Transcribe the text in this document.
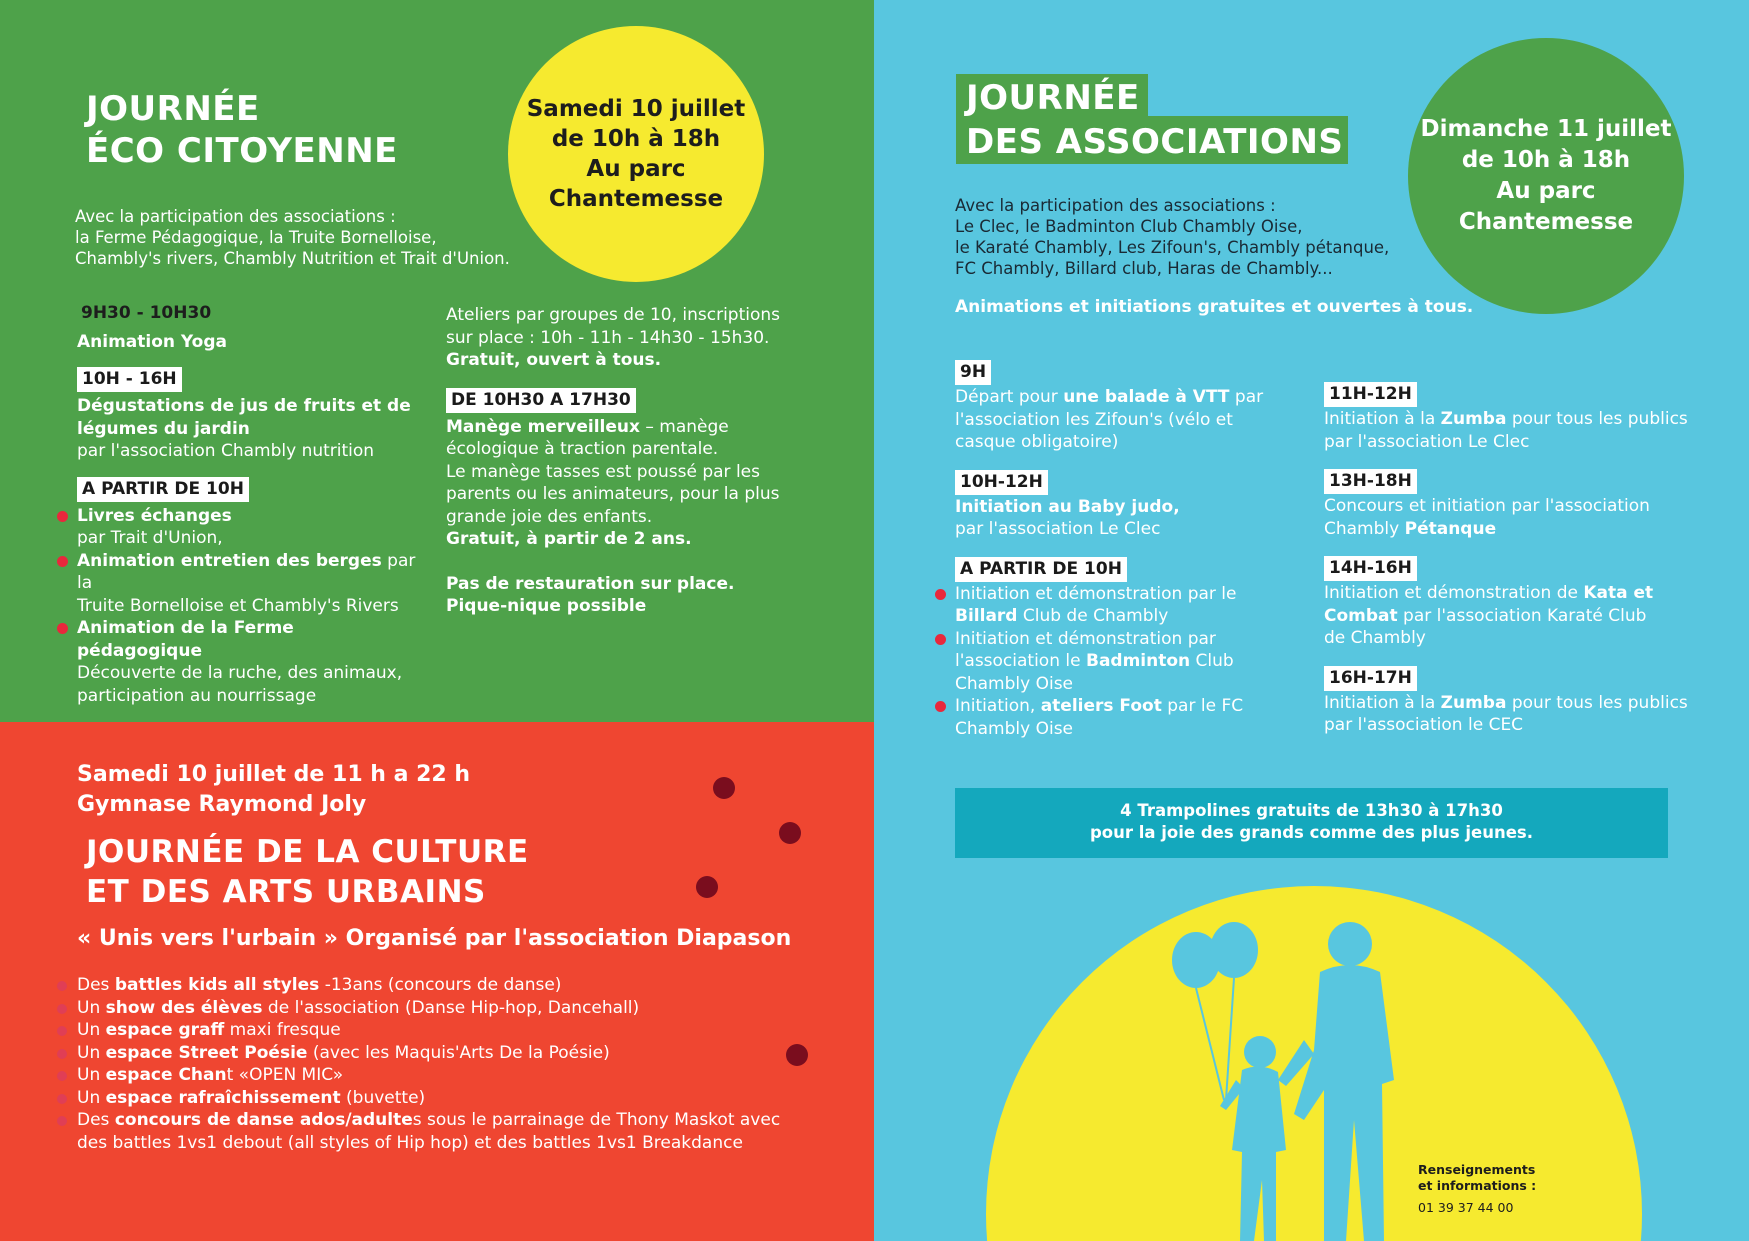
JOURNÉE
ÉCO CITOYENNE
Samedi 10 juillet
de 10h à 18h
Au parc
Chantemesse
Avec la participation des associations :
la Ferme Pédagogique, la Truite Bornelloise,
Chambly's rivers, Chambly Nutrition et Trait d'Union.
9H30 - 10H30
Animation Yoga
10H - 16H
Dégustations de jus de fruits et de
légumes du jardin
par l'association Chambly nutrition
A PARTIR DE 10H
Livres échanges
par Trait d'Union,
Animation entretien des berges par la
Truite Bornelloise et Chambly's Rivers
Animation de la Ferme pédagogique
Découverte de la ruche, des animaux,
participation au nourrissage
Ateliers par groupes de 10, inscriptions
sur place : 10h - 11h - 14h30 - 15h30.
Gratuit, ouvert à tous.
DE 10H30 A 17H30
Manège merveilleux – manège
écologique à traction parentale.
Le manège tasses est poussé par les
parents ou les animateurs, pour la plus
grande joie des enfants.
Gratuit, à partir de 2 ans.
Pas de restauration sur place.
Pique-nique possible
Samedi 10 juillet de 11 h a 22 h
Gymnase Raymond Joly
JOURNÉE DE LA CULTURE
ET DES ARTS URBAINS
« Unis vers l'urbain » Organisé par l'association Diapason
Des battles kids all styles -13ans (concours de danse)
Un show des élèves de l'association (Danse Hip-hop, Dancehall)
Un espace graff maxi fresque
Un espace Street Poésie (avec les Maquis'Arts De la Poésie)
Un espace Chant «OPEN MIC»
Un espace rafraîchissement (buvette)
Des concours de danse ados/adultes sous le parrainage de Thony Maskot avec
des battles 1vs1 debout (all styles of Hip hop) et des battles 1vs1 Breakdance
JOURNÉE
DES ASSOCIATIONS	Dimanche 11 juillet
de 10h à 18h
Au parc
Chantemesse
Avec la participation des associations :
Le Clec, le Badminton Club Chambly Oise,
le Karaté Chambly, Les Zifoun's, Chambly pétanque,
FC Chambly, Billard club, Haras de Chambly...
Animations et initiations gratuites et ouvertes à tous.
9H
Départ pour une balade à VTT par
l'association les Zifoun's (vélo et
casque obligatoire)
10H-12H
Initiation au Baby judo,
par l'association Le Clec
A PARTIR DE 10H
Initiation et démonstration par le
Billard Club de Chambly
Initiation et démonstration par
l'association le Badminton Club
Chambly Oise
Initiation, ateliers Foot par le FC
Chambly Oise
11H-12H
Initiation à la Zumba pour tous les publics
par l'association Le Clec
13H-18H
Concours et initiation par l'association
Chambly Pétanque
14H-16H
Initiation et démonstration de Kata et
Combat par l'association Karaté Club
de Chambly
16H-17H
Initiation à la Zumba pour tous les publics
par l'association le CEC
4 Trampolines gratuits de 13h30 à 17h30
pour la joie des grands comme des plus jeunes.
Renseignements
et informations :
01 39 37 44 00
